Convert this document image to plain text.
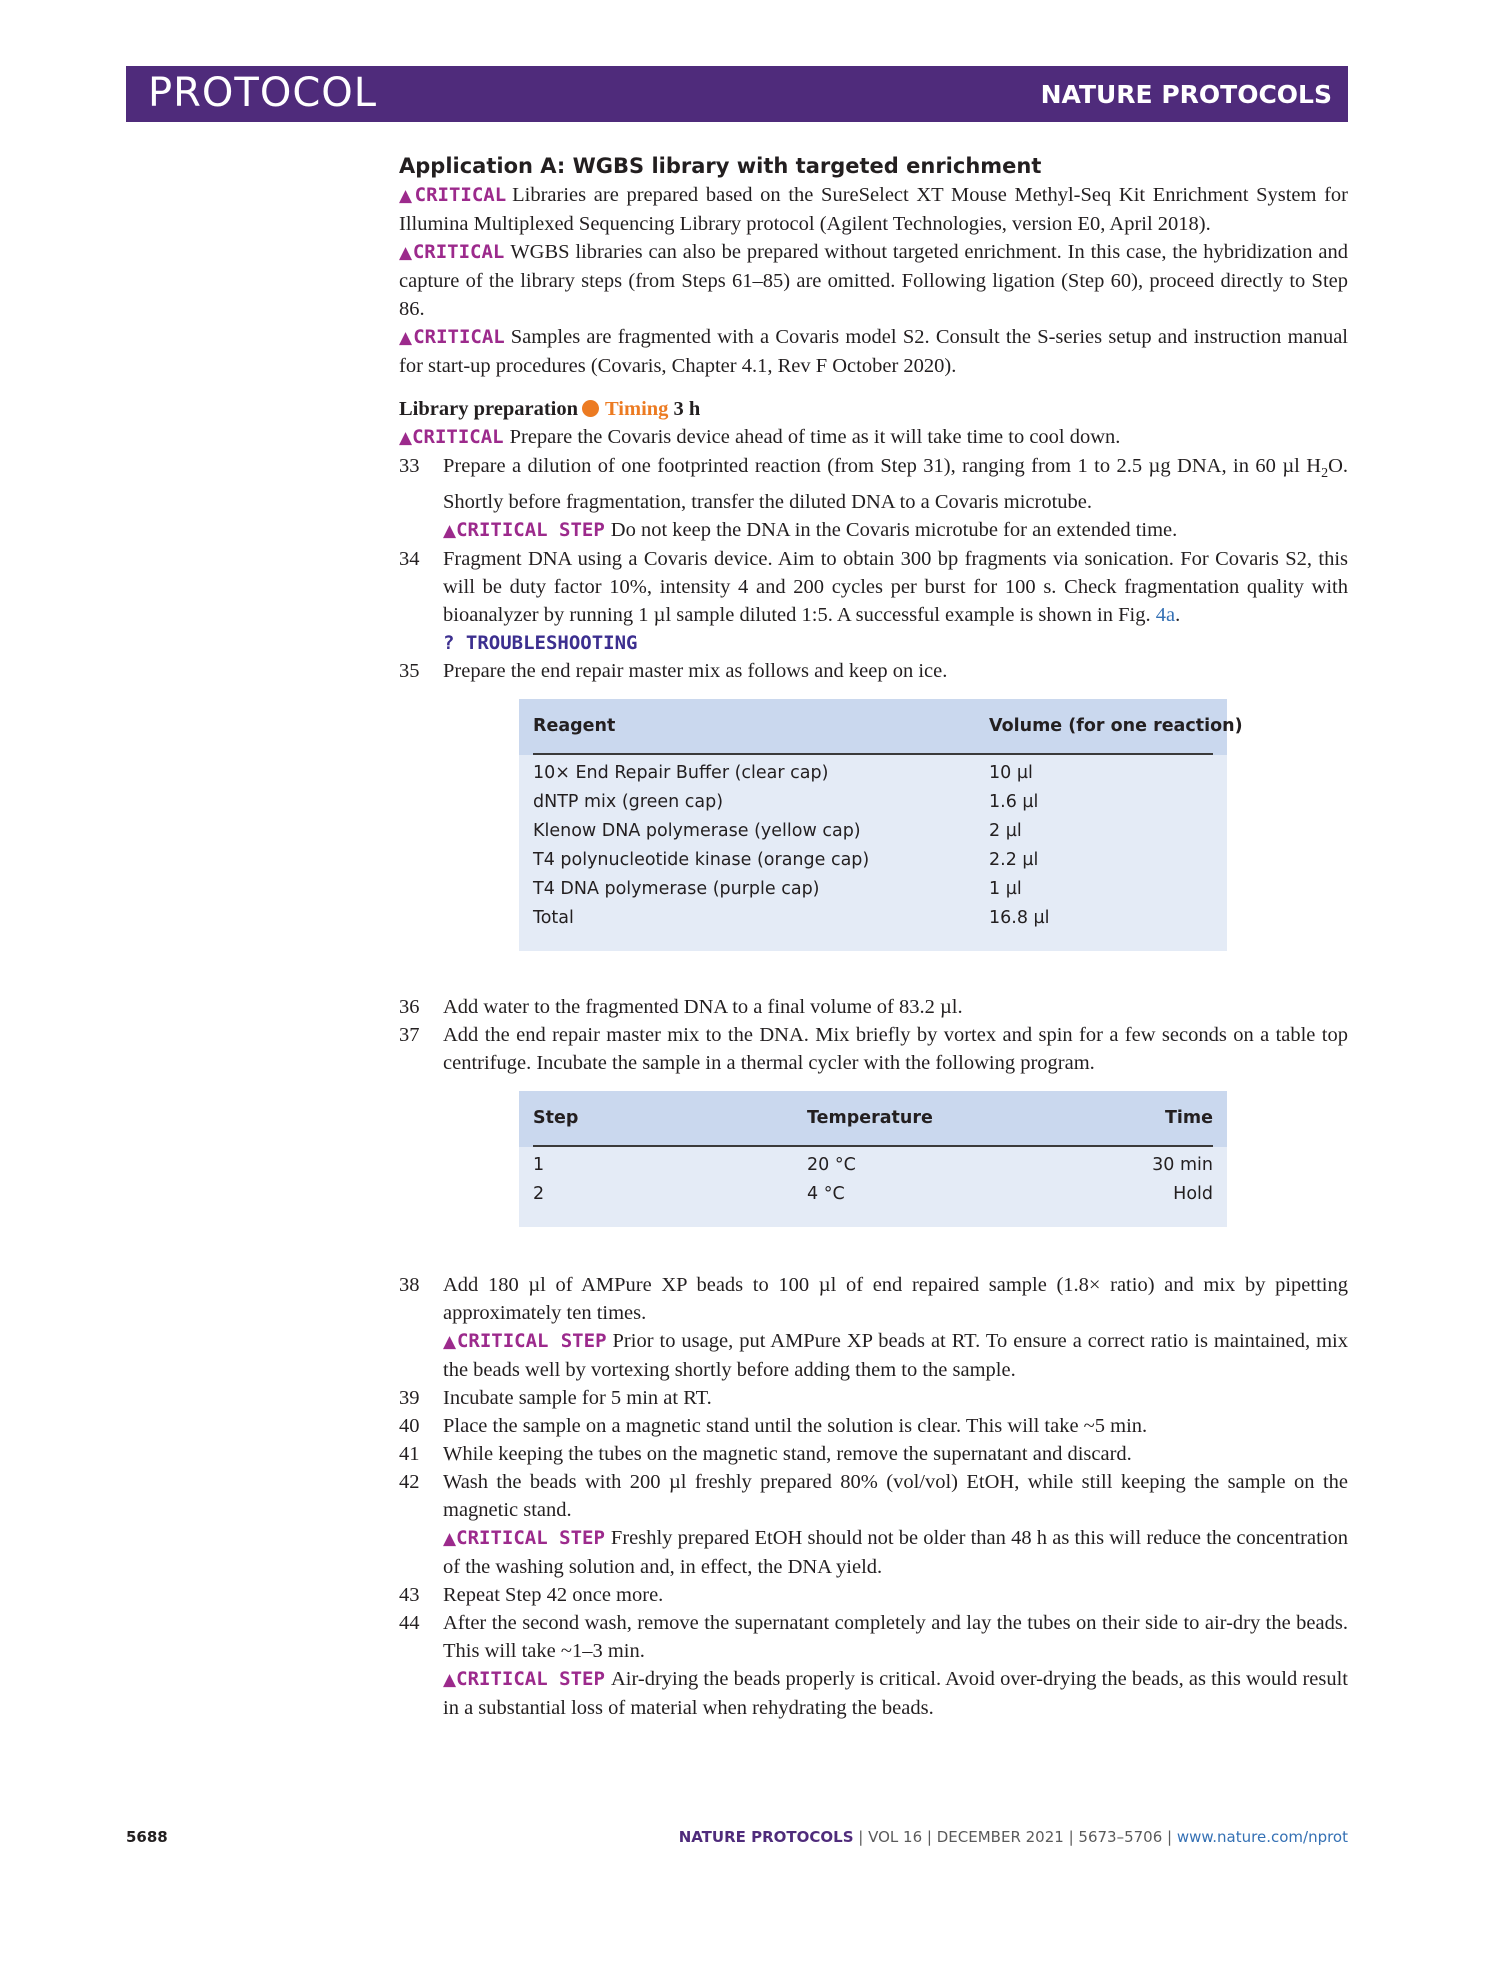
PROTOCOL	NATURE PROTOCOLS
Application A: WGBS library with targeted enrichment

▲CRITICAL Libraries are prepared based on the SureSelect XT Mouse Methyl-Seq Kit Enrichment System for Illumina Multiplexed Sequencing Library protocol (Agilent Technologies, version E0, April 2018).

▲CRITICAL WGBS libraries can also be prepared without targeted enrichment. In this case, the hybridization and capture of the library steps (from Steps 61–85) are omitted. Following ligation (Step 60), proceed directly to Step 86.

▲CRITICAL Samples are fragmented with a Covaris model S2. Consult the S-series setup and instruction manual for start-up procedures (Covaris, Chapter 4.1, Rev F October 2020).

Library preparation Timing 3 h

▲CRITICAL Prepare the Covaris device ahead of time as it will take time to cool down.

33 Prepare a dilution of one footprinted reaction (from Step 31), ranging from 1 to 2.5 µg DNA, in 60 µl $H_2O$. Shortly before fragmentation, transfer the diluted DNA to a Covaris microtube.
▲CRITICAL STEP Do not keep the DNA in the Covaris microtube for an extended time.
34 Fragment DNA using a Covaris device. Aim to obtain 300 bp fragments via sonication. For Covaris S2, this will be duty factor 10%, intensity 4 and 200 cycles per burst for 100 s. Check fragmentation quality with bioanalyzer by running 1 µl sample diluted 1:5. A successful example is shown in Fig. 4a.
? TROUBLESHOOTING
35 Prepare the end repair master mix as follows and keep on ice.
Reagent	Volume (for one reaction)
10× End Repair Buffer (clear cap)	10 µl
dNTP mix (green cap)	1.6 µl
Klenow DNA polymerase (yellow cap)	2 µl
T4 polynucleotide kinase (orange cap)	2.2 µl
T4 DNA polymerase (purple cap)	1 µl
Total	16.8 µl
36 Add water to the fragmented DNA to a final volume of 83.2 µl.
37 Add the end repair master mix to the DNA. Mix briefly by vortex and spin for a few seconds on a table top centrifuge. Incubate the sample in a thermal cycler with the following program.
Step	Temperature	Time
1	20 °C	30 min
2	4 °C	Hold
38 Add 180 µl of AMPure XP beads to 100 µl of end repaired sample (1.8× ratio) and mix by pipetting approximately ten times.
▲CRITICAL STEP Prior to usage, put AMPure XP beads at RT. To ensure a correct ratio is maintained, mix the beads well by vortexing shortly before adding them to the sample.
39 Incubate sample for 5 min at RT.
40 Place the sample on a magnetic stand until the solution is clear. This will take ~5 min.
41 While keeping the tubes on the magnetic stand, remove the supernatant and discard.
42 Wash the beads with 200 µl freshly prepared 80% (vol/vol) EtOH, while still keeping the sample on the magnetic stand.
▲CRITICAL STEP Freshly prepared EtOH should not be older than 48 h as this will reduce the concentration of the washing solution and, in effect, the DNA yield.
43 Repeat Step 42 once more.
44 After the second wash, remove the supernatant completely and lay the tubes on their side to air-dry the beads. This will take ~1–3 min.
▲CRITICAL STEP Air-drying the beads properly is critical. Avoid over-drying the beads, as this would result in a substantial loss of material when rehydrating the beads.
5688	NATURE PROTOCOLS | VOL 16 | DECEMBER 2021 | 5673–5706 | www.nature.com/nprot
